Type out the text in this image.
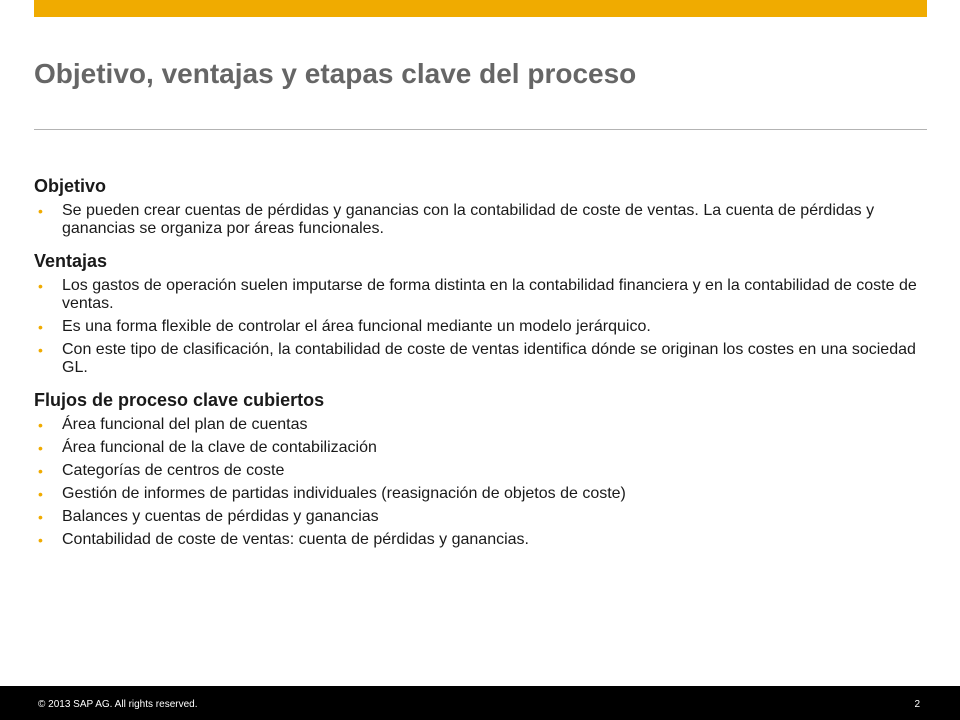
Objetivo, ventajas y etapas clave del proceso
Objetivo
• Se pueden crear cuentas de pérdidas y ganancias con la contabilidad de coste de ventas. La cuenta de pérdidas y ganancias se organiza por áreas funcionales.
Ventajas
• Los gastos de operación suelen imputarse de forma distinta en la contabilidad financiera y en la contabilidad de coste de ventas.
• Es una forma flexible de controlar el área funcional mediante un modelo jerárquico.
• Con este tipo de clasificación, la contabilidad de coste de ventas identifica dónde se originan los costes en una sociedad GL.
Flujos de proceso clave cubiertos
• Área funcional del plan de cuentas
• Área funcional de la clave de contabilización
• Categorías de centros de coste
• Gestión de informes de partidas individuales (reasignación de objetos de coste)
• Balances y cuentas de pérdidas y ganancias
• Contabilidad de coste de ventas: cuenta de pérdidas y ganancias.
© 2013 SAP AG. All rights reserved.	2
